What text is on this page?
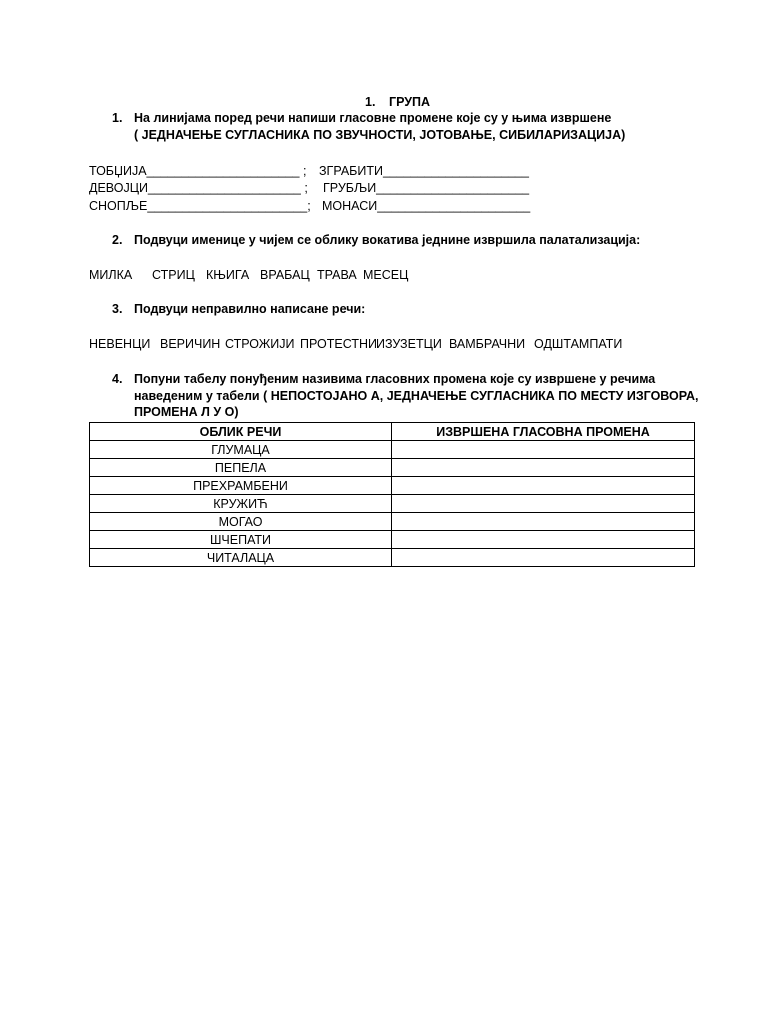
1. ГРУПА
1. На линијама поред речи напиши гласовне промене које су у њима извршене
( ЈЕДНАЧЕЊЕ СУГЛАСНИКА ПО ЗВУЧНОСТИ, ЈОТОВАЊЕ, СИБИЛАРИЗАЦИЈА)
ТОБЏИЈА______________________ ; ЗГРАБИТИ_____________________
ДЕВОЈЦИ______________________ ; ГРУБЉИ______________________
СНОПЉЕ_______________________; МОНАСИ______________________
2. Подвуци именице у чијем се облику вокатива једнине извршила палатализација:
МИЛКА СТРИЦ КЊИГА ВРАБАЦ ТРАВА МЕСЕЦ
3. Подвуци неправилно написане речи:
НЕВЕНЦИ ВЕРИЧИН СТРОЖИЈИ ПРОТЕСТНИ
ИЗУЗЕТЦИ ВАМБРАЧНИ ОДШТАМПАТИ
4. Попуни табелу понуђеним називима гласовних промена које су извршене у речима
наведеним у табели ( НЕПОСТОЈАНО А, ЈЕДНАЧЕЊЕ СУГЛАСНИКА ПО МЕСТУ ИЗГОВОРА,
ПРОМЕНА Л У О)
ОБЛИК РЕЧИ	ИЗВРШЕНА ГЛАСОВНА ПРОМЕНА
ГЛУМАЦА	
ПЕПЕЛА	
ПРЕХРАМБЕНИ	
КРУЖИЋ	
МОГАО	
ШЧЕПАТИ	
ЧИТАЛАЦА	
